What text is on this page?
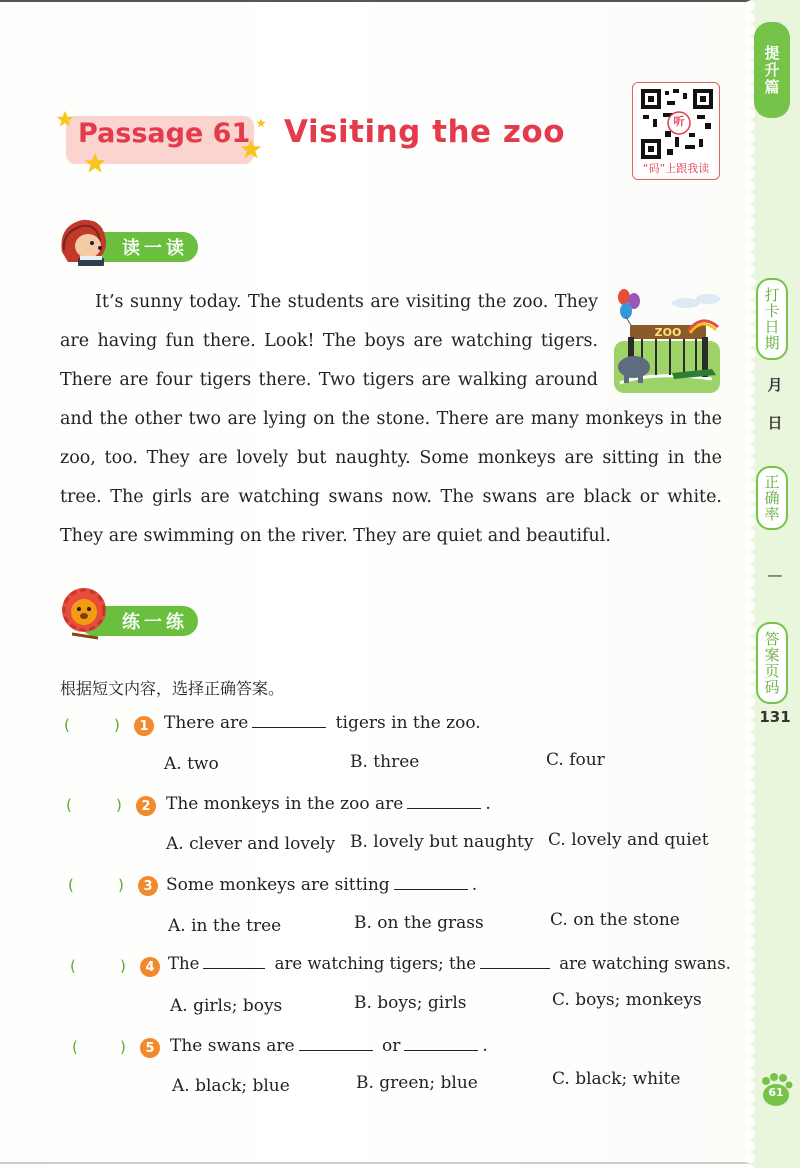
提升篇
打卡日期
月
日
正确率
—
答案页码
131
61
Passage 61 Visiting the zoo	听
“码”上跟我读
读一读
ZOO

It’s sunny today. The students are visiting the zoo. They are having fun there. Look! The boys are watching tigers. There are four tigers there. Two tigers are walking around and the other two are lying on the stone. There are many monkeys in the zoo, too. They are lovely but naughty. Some monkeys are sitting in the tree. The girls are watching swans now. The swans are black or white. They are swimming on the river. They are quiet and beautiful.

练一练
根据短文内容，选择正确答案。
(	)	1 There are	tigers in the zoo.
A. two	B. three	C. four
(	)	2 The monkeys in the zoo are	.
A. clever and lovely B. lovely but naughty C. lovely and quiet
(	)	3 Some monkeys are sitting	.
A. in the tree	B. on the grass	C. on the stone
(	)	4 The	are watching tigers; the	are watching swans.
A. girls; boys	B. boys; girls	C. boys; monkeys
(	)	5 The swans are	or	.
A. black; blue	B. green; blue	C. black; white
